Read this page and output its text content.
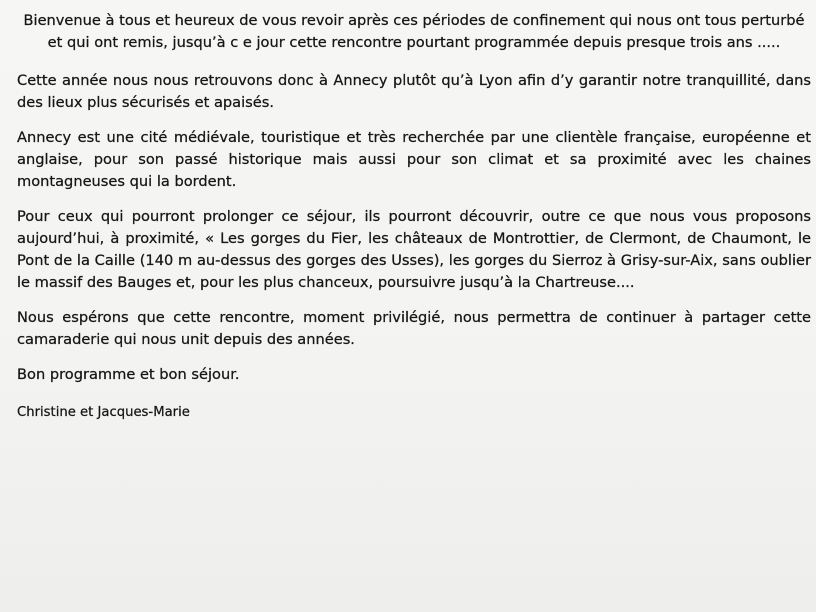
Bienvenue à tous et heureux de vous revoir après ces périodes de confinement qui nous ont tous perturbé et qui ont remis, jusqu’à c e jour cette rencontre pourtant programmée depuis presque trois ans .....

Cette année nous nous retrouvons donc à Annecy plutôt qu’à Lyon afin d’y garantir notre tranquillité, dans des lieux plus sécurisés et apaisés.

Annecy est une cité médiévale, touristique et très recherchée par une clientèle française, européenne et anglaise, pour son passé historique mais aussi pour son climat et sa proximité avec les chaines montagneuses qui la bordent.

Pour ceux qui pourront prolonger ce séjour, ils pourront découvrir, outre ce que nous vous proposons aujourd’hui, à proximité, « Les gorges du Fier, les châteaux de Montrottier, de Clermont, de Chaumont, le Pont de la Caille (140 m au-dessus des gorges des Usses), les gorges du Sierroz à Grisy-sur-Aix, sans oublier le massif des Bauges et, pour les plus chanceux, poursuivre jusqu’à la Chartreuse....

Nous espérons que cette rencontre, moment privilégié, nous permettra de continuer à partager cette camaraderie qui nous unit depuis des années.

Bon programme et bon séjour.

Christine et Jacques-Marie
